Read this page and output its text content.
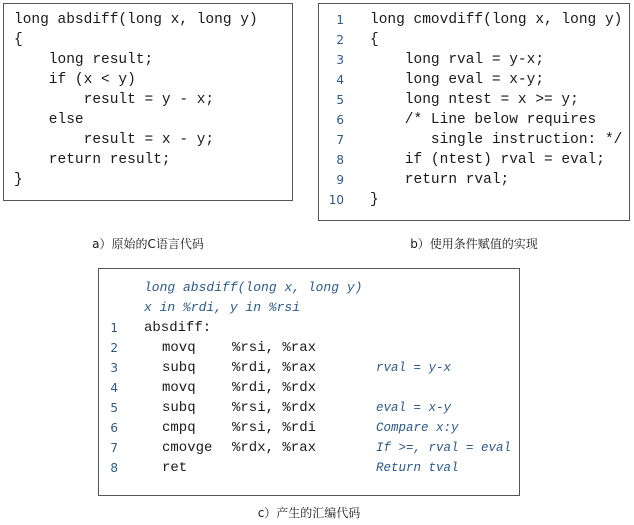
a）原始的C语言代码	b）使用条件赋值的实现
c）产生的汇编代码
long absdiff(long x, long y)
{
long result;
if (x < y)
result = y - x;
else
result = x - y;
return result;
}
1 long cmovdiff(long x, long y)
2 {
3 long rval = y-x;
4 long eval = x-y;
5 long ntest = x >= y;
6 /* Line below requires
7 single instruction: */
8 if (ntest) rval = eval;
9 return rval;
10 }
long absdiff(long x, long y)
x in %rdi, y in %rsi
1 absdiff:
2	movq	%rsi, %rax
3	subq	%rdi, %rax	rval = y-x
4	movq	%rdi, %rdx
5	subq	%rsi, %rdx	eval = x-y
6	cmpq	%rsi, %rdi	Compare x:y
7	cmovge %rdx, %rax	If >=, rval = eval
8	ret	Return tval
